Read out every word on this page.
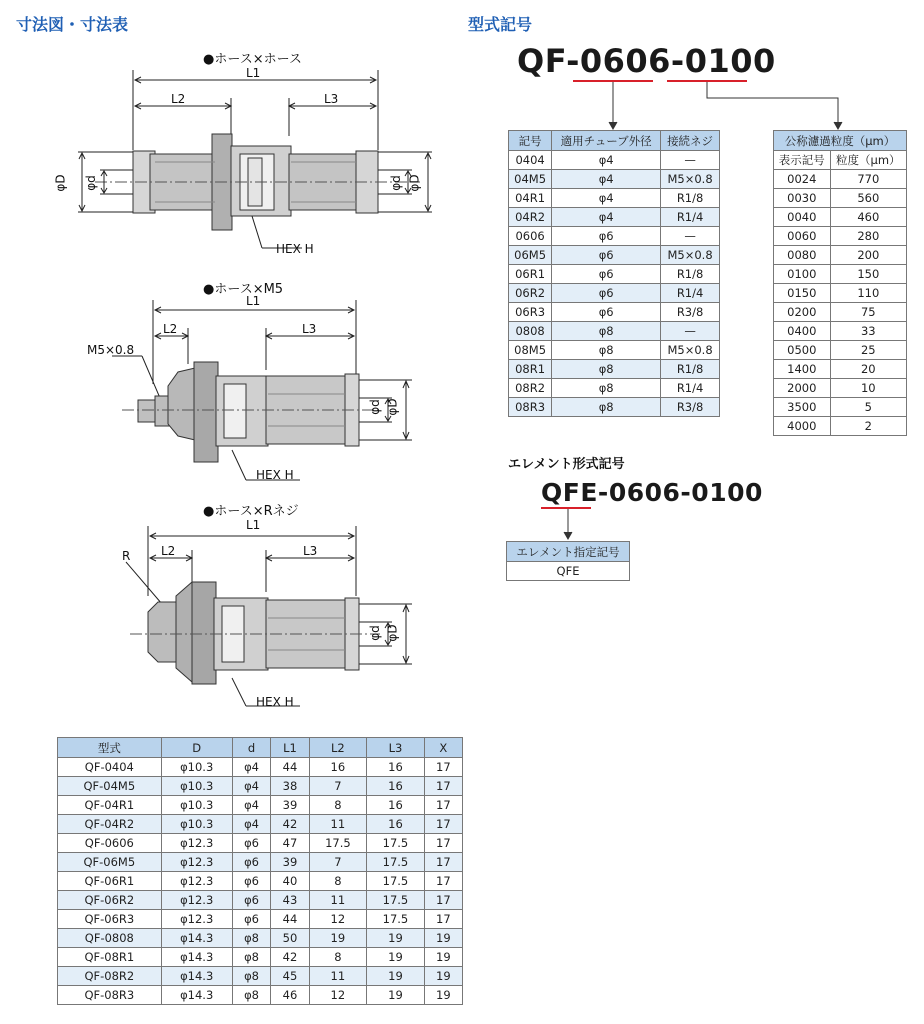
寸法図・寸法表	型式記号
●ホース×ホース
L1
L2	L3
φD φd	φd φD
HEX H
●ホース×M5
L1
L2	L3
M5×0.8
φd φD
HEX H
●ホース×Rネジ
L1
L2	L3
R
φd φD
HEX H
QF-0606-0100
記号	適用チューブ外径	接続ネジ
0404	φ4	—
04M5	φ4	M5×0.8
04R1	φ4	R1/8
04R2	φ4	R1/4
0606	φ6	—
06M5	φ6	M5×0.8
06R1	φ6	R1/8
06R2	φ6	R1/4
06R3	φ6	R3/8
0808	φ8	—
08M5	φ8	M5×0.8
08R1	φ8	R1/8
08R2	φ8	R1/4
08R3	φ8	R3/8
公称濾過粒度（μm）	
表示記号	粒度（μm）
0024	770
0030	560
0040	460
0060	280
0080	200
0100	150
0150	110
0200	75
0400	33
0500	25
1400	20
2000	10
3500	5
4000	2
エレメント形式記号
QFE-0606-0100
エレメント指定記号
QFE
型式	D	d	L1	L2	L3	X
QF-0404	φ10.3	φ4	44	16	16	17
QF-04M5	φ10.3	φ4	38	7	16	17
QF-04R1	φ10.3	φ4	39	8	16	17
QF-04R2	φ10.3	φ4	42	11	16	17
QF-0606	φ12.3	φ6	47	17.5	17.5	17
QF-06M5	φ12.3	φ6	39	7	17.5	17
QF-06R1	φ12.3	φ6	40	8	17.5	17
QF-06R2	φ12.3	φ6	43	11	17.5	17
QF-06R3	φ12.3	φ6	44	12	17.5	17
QF-0808	φ14.3	φ8	50	19	19	19
QF-08R1	φ14.3	φ8	42	8	19	19
QF-08R2	φ14.3	φ8	45	11	19	19
QF-08R3	φ14.3	φ8	46	12	19	19
